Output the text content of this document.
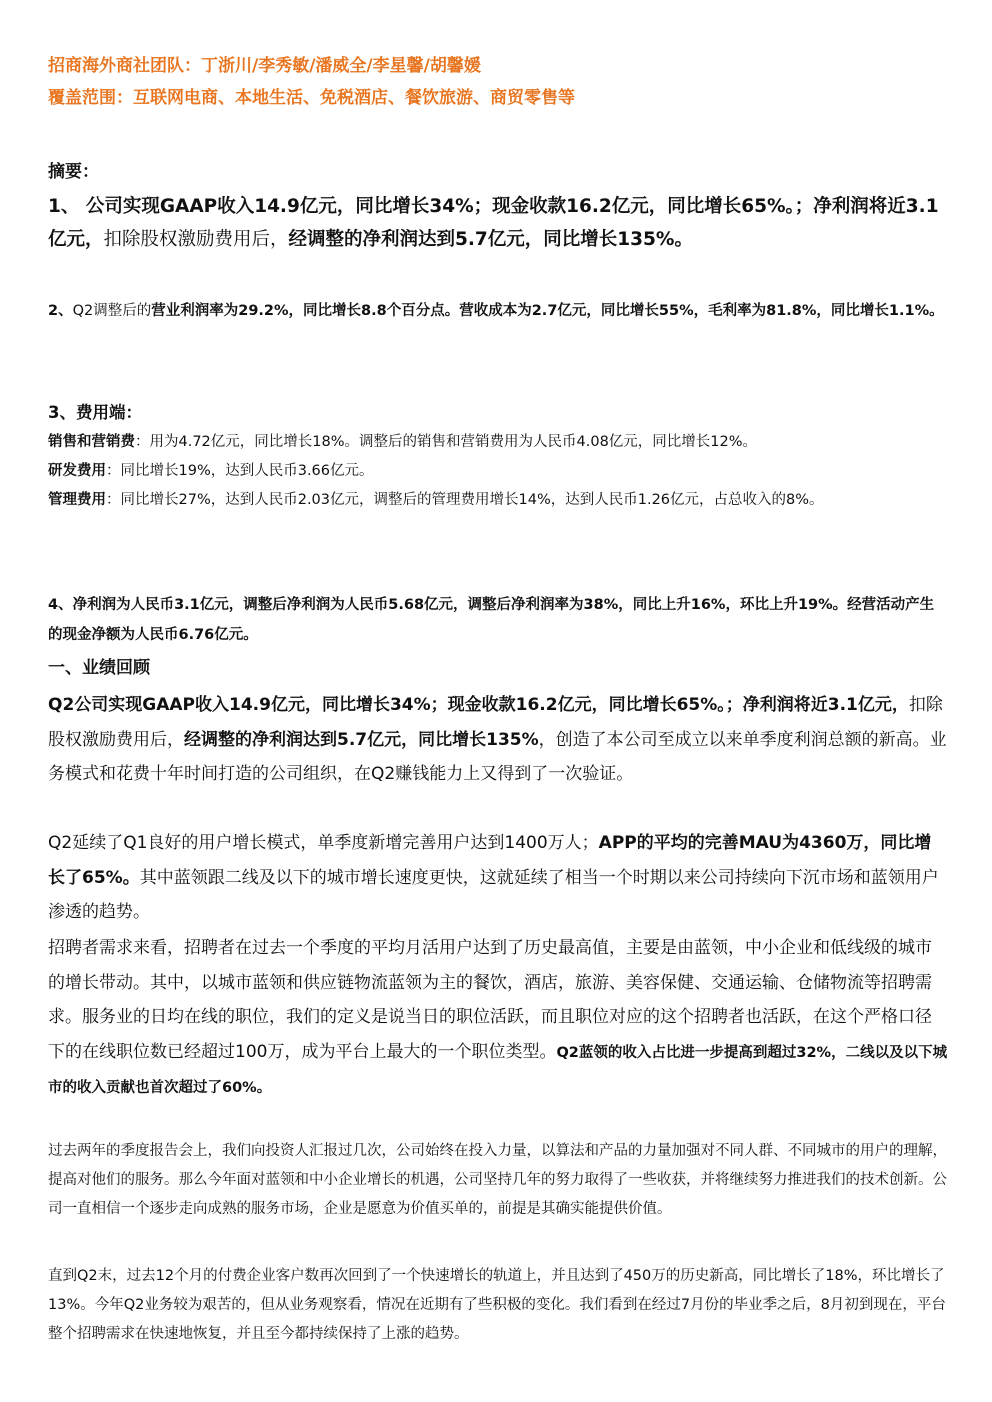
招商海外商社团队：丁浙川/李秀敏/潘威全/李星馨/胡馨媛

覆盖范围：互联网电商、本地生活、免税酒店、餐饮旅游、商贸零售等

摘要：

1、 公司实现GAAP收入14.9亿元，同比增长34%；现金收款16.2亿元，同比增长65%。；净利润将近3.1亿元，扣除股权激励费用后，经调整的净利润达到5.7亿元，同比增长135%。

2、Q2调整后的营业利润率为29.2%，同比增长8.8个百分点。营收成本为2.7亿元，同比增长55%，毛利率为81.8%，同比增长1.1%。

3、费用端：

销售和营销费：用为4.72亿元，同比增长18%。调整后的销售和营销费用为人民币4.08亿元，同比增长12%。

研发费用：同比增长19%，达到人民币3.66亿元。

管理费用：同比增长27%，达到人民币2.03亿元，调整后的管理费用增长14%，达到人民币1.26亿元，占总收入的8%。

4、净利润为人民币3.1亿元，调整后净利润为人民币5.68亿元，调整后净利润率为38%，同比上升16%，环比上升19%。经营活动产生的现金净额为人民币6.76亿元。

一、业绩回顾

Q2公司实现GAAP收入14.9亿元，同比增长34%；现金收款16.2亿元，同比增长65%。；净利润将近3.1亿元，扣除股权激励费用后，经调整的净利润达到5.7亿元，同比增长135%，创造了本公司至成立以来单季度利润总额的新高。业务模式和花费十年时间打造的公司组织，在Q2赚钱能力上又得到了一次验证。

Q2延续了Q1良好的用户增长模式，单季度新增完善用户达到1400万人；APP的平均的完善MAU为4360万，同比增长了65%。其中蓝领跟二线及以下的城市增长速度更快，这就延续了相当一个时期以来公司持续向下沉市场和蓝领用户渗透的趋势。

招聘者需求来看，招聘者在过去一个季度的平均月活用户达到了历史最高值，主要是由蓝领，中小企业和低线级的城市的增长带动。其中，以城市蓝领和供应链物流蓝领为主的餐饮，酒店，旅游、美容保健、交通运输、仓储物流等招聘需求。服务业的日均在线的职位，我们的定义是说当日的职位活跃，而且职位对应的这个招聘者也活跃，在这个严格口径下的在线职位数已经超过100万，成为平台上最大的一个职位类型。Q2蓝领的收入占比进一步提高到超过32%，二线以及以下城市的收入贡献也首次超过了60%。

过去两年的季度报告会上，我们向投资人汇报过几次，公司始终在投入力量，以算法和产品的力量加强对不同人群、不同城市的用户的理解，提高对他们的服务。那么今年面对蓝领和中小企业增长的机遇，公司坚持几年的努力取得了一些收获，并将继续努力推进我们的技术创新。公司一直相信一个逐步走向成熟的服务市场，企业是愿意为价值买单的，前提是其确实能提供价值。

直到Q2末，过去12个月的付费企业客户数再次回到了一个快速增长的轨道上，并且达到了450万的历史新高，同比增长了18%，环比增长了13%。今年Q2业务较为艰苦的，但从业务观察看，情况在近期有了些积极的变化。我们看到在经过7月份的毕业季之后，8月初到现在，平台整个招聘需求在快速地恢复，并且至今都持续保持了上涨的趋势。
